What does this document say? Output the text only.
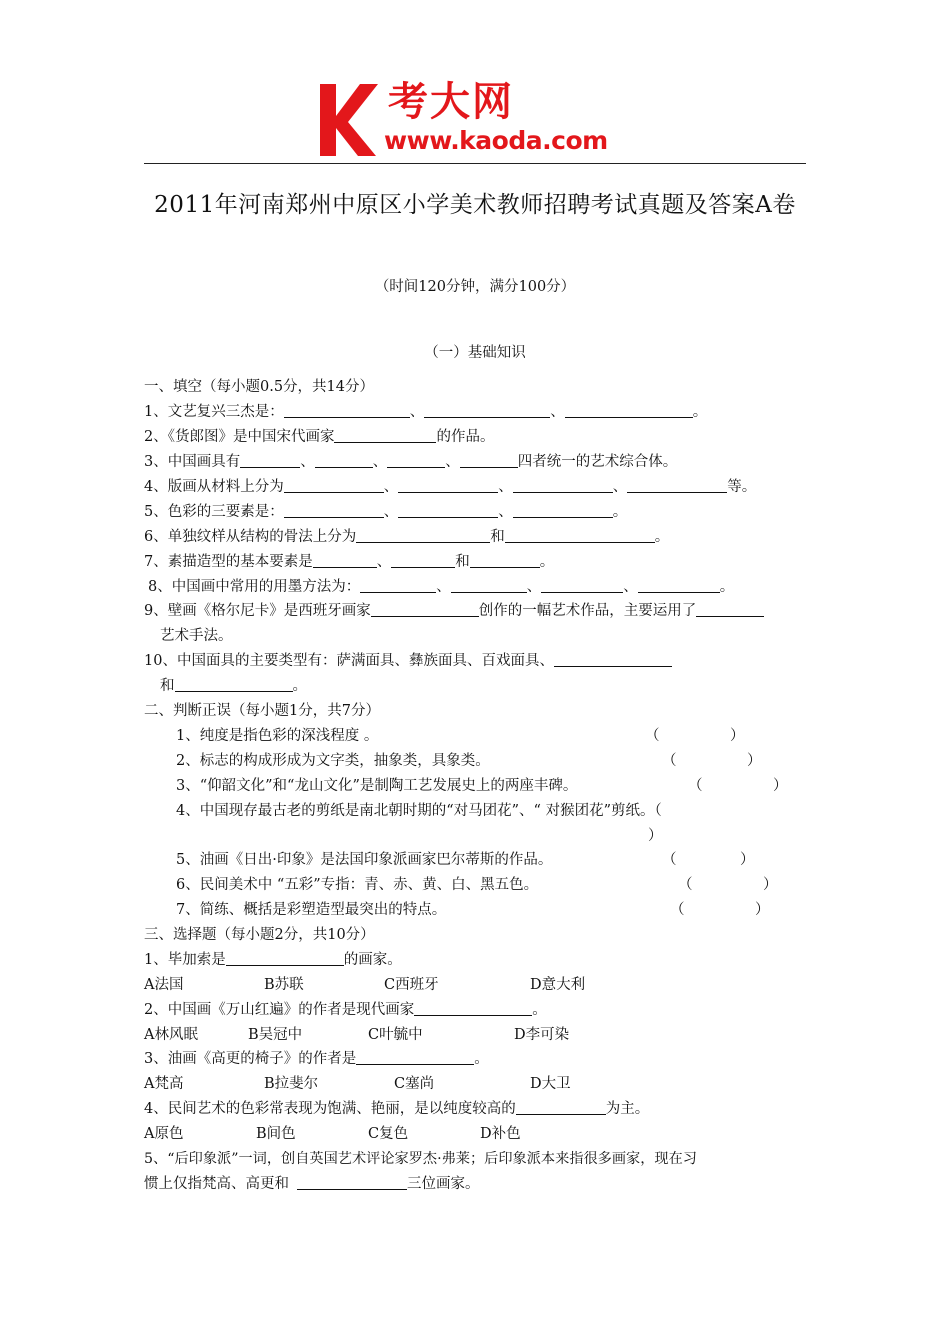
考大网
www.kaoda.com
2011年河南郑州中原区小学美术教师招聘考试真题及答案A卷
（时间120分钟，满分100分）
（一）基础知识
一、填空（每小题0.5分，共14分）
1、文艺复兴三杰是：	、	、	。
2、《货郎图》是中国宋代画家	的作品。
3、中国画具有	、	、	、	四者统一的艺术综合体。
4、版画从材料上分为	、	、	、	等。
5、色彩的三要素是：	、	、	。
6、单独纹样从结构的骨法上分为	和	。
7、素描造型的基本要素是	、	和	。
8、中国画中常用的用墨方法为：	、	、	、	。
9、壁画《格尔尼卡》是西班牙画家	创作的一幅艺术作品，主要运用了
艺术手法。
10、中国面具的主要类型有：萨满面具、彝族面具、百戏面具、
和	。
二、判断正误（每小题1分，共7分）
1、纯度是指色彩的深浅程度 。	（	）
2、标志的构成形成为文字类，抽象类，具象类。	（	）
3、“仰韶文化”和“龙山文化”是制陶工艺发展史上的两座丰碑。	（	）
4、中国现存最古老的剪纸是南北朝时期的“对马团花”、“ 对猴团花”剪纸。（
）
5、油画《日出·印象》是法国印象派画家巴尔蒂斯的作品。	（	）
6、民间美术中 “五彩”专指：青、赤、黄、白、黑五色。	（	）
7、简练、概括是彩塑造型最突出的特点。	（	）
三、选择题（每小题2分，共10分）
1、毕加索是	的画家。
A法国	B苏联	C西班牙	D意大利
2、中国画《万山红遍》的作者是现代画家	。
A林风眠	B吴冠中	C叶毓中	D李可染
3、油画《高更的椅子》的作者是	。
A梵高	B拉斐尔	C塞尚	D大卫
4、民间艺术的色彩常表现为饱满、艳丽，是以纯度较高的	为主。
A原色	B间色	C复色	D补色
5、“后印象派”一词，创自英国艺术评论家罗杰·弗莱；后印象派本来指很多画家，现在习
惯上仅指梵高、高更和	三位画家。
